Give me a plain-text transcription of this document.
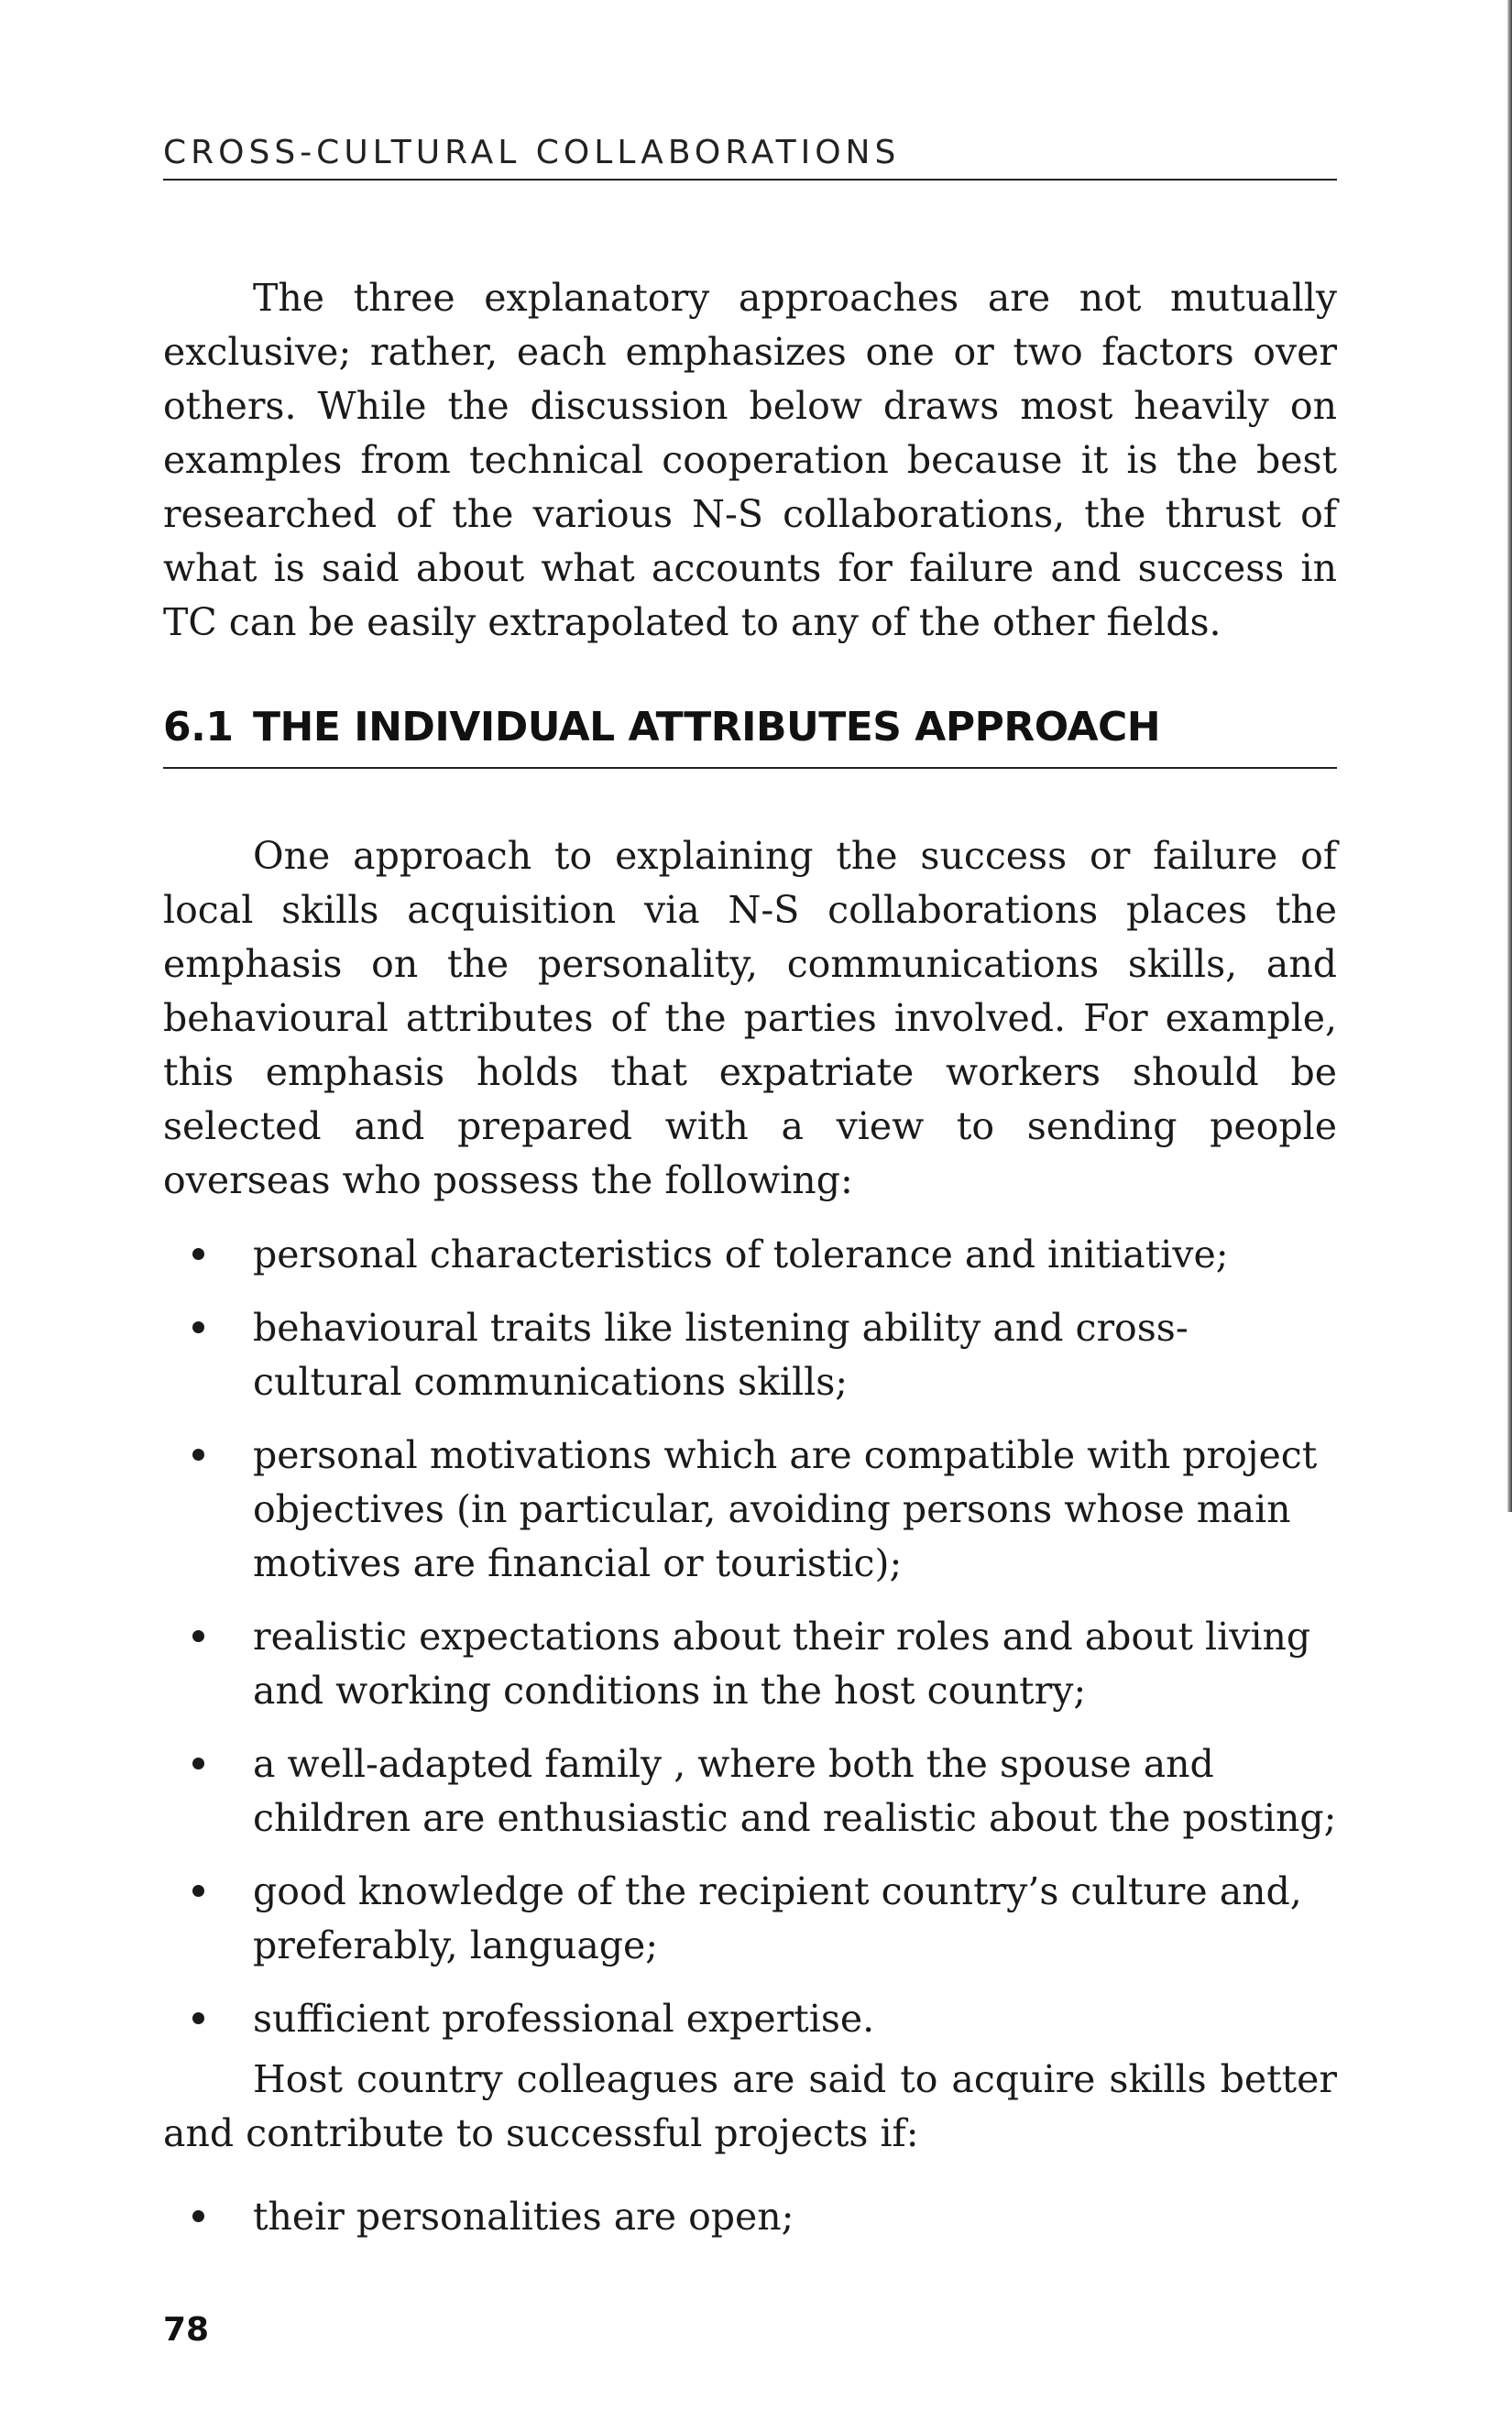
CROSS-CULTURAL COLLABORATIONS

The three explanatory approaches are not mutually exclusive; rather, each emphasizes one or two factors over others. While the discussion below draws most heavily on examples from technical cooperation because it is the best researched of the various N-S collaborations, the thrust of what is said about what accounts for failure and success in TC can be easily extrapolated to any of the other fields.

6.1 THE INDIVIDUAL ATTRIBUTES APPROACH

One approach to explaining the success or failure of local skills acquisition via N-S collaborations places the emphasis on the personality, communications skills, and behavioural attributes of the parties involved. For example, this emphasis holds that expatriate workers should be selected and prepared with a view to sending people overseas who possess the following:

personal characteristics of tolerance and initiative;
behavioural traits like listening ability and cross-cultural communications skills;
personal motivations which are compatible with project objectives (in particular, avoiding persons whose main motives are financial or touristic);
realistic expectations about their roles and about living and working conditions in the host country;
a well-adapted family , where both the spouse and children are enthusiastic and realistic about the posting;
good knowledge of the recipient country’s culture and, preferably, language;
sufficient professional expertise.

Host country colleagues are said to acquire skills better and contribute to successful projects if:

their personalities are open;
78
